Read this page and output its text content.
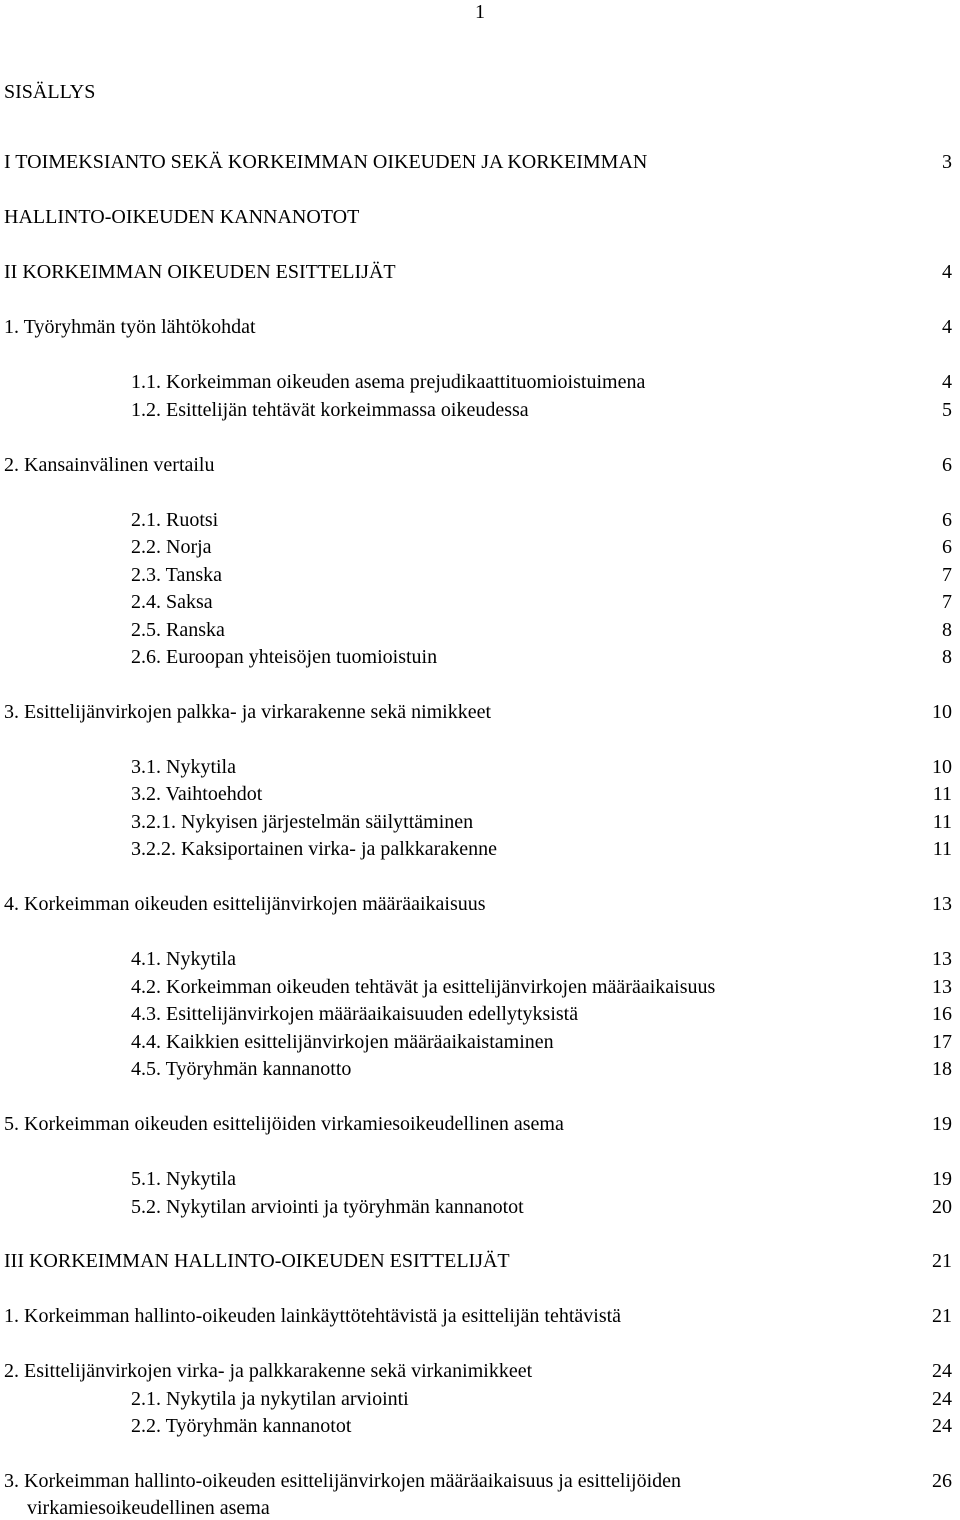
1
SISÄLLYS
I TOIMEKSIANTO SEKÄ KORKEIMMAN OIKEUDEN JA KORKEIMMAN	3
HALLINTO-OIKEUDEN KANNANOTOT
II KORKEIMMAN OIKEUDEN ESITTELIJÄT	4
1. Työryhmän työn lähtökohdat	4
1.1. Korkeimman oikeuden asema prejudikaattituomioistuimena	4
1.2. Esittelijän tehtävät korkeimmassa oikeudessa	5
2. Kansainvälinen vertailu	6
2.1. Ruotsi	6
2.2. Norja	6
2.3. Tanska	7
2.4. Saksa	7
2.5. Ranska	8
2.6. Euroopan yhteisöjen tuomioistuin	8
3. Esittelijänvirkojen palkka- ja virkarakenne sekä nimikkeet	10
3.1. Nykytila	10
3.2. Vaihtoehdot	11
3.2.1. Nykyisen järjestelmän säilyttäminen	11
3.2.2. Kaksiportainen virka- ja palkkarakenne	11
4. Korkeimman oikeuden esittelijänvirkojen määräaikaisuus	13
4.1. Nykytila	13
4.2. Korkeimman oikeuden tehtävät ja esittelijänvirkojen määräaikaisuus	13
4.3. Esittelijänvirkojen määräaikaisuuden edellytyksistä	16
4.4. Kaikkien esittelijänvirkojen määräaikaistaminen	17
4.5. Työryhmän kannanotto	18
5. Korkeimman oikeuden esittelijöiden virkamiesoikeudellinen asema	19
5.1. Nykytila	19
5.2. Nykytilan arviointi ja työryhmän kannanotot	20
III KORKEIMMAN HALLINTO-OIKEUDEN ESITTELIJÄT	21
1. Korkeimman hallinto-oikeuden lainkäyttötehtävistä ja esittelijän tehtävistä	21
2. Esittelijänvirkojen virka- ja palkkarakenne sekä virkanimikkeet	24
2.1. Nykytila ja nykytilan arviointi	24
2.2. Työryhmän kannanotot	24
3. Korkeimman hallinto-oikeuden esittelijänvirkojen määräaikaisuus ja esittelijöiden	26
virkamiesoikeudellinen asema
